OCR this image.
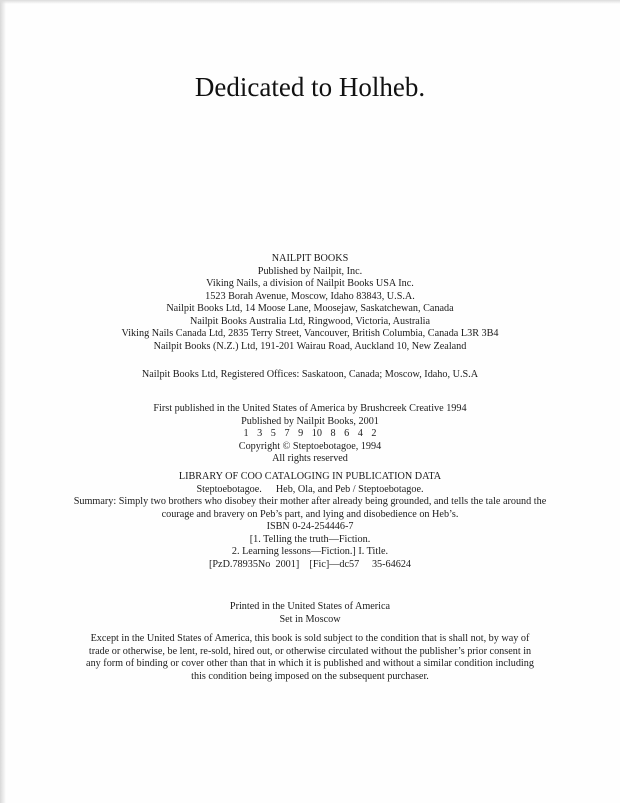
Dedicated to Holheb.
NAILPIT BOOKS
Published by Nailpit, Inc.
Viking Nails, a division of Nailpit Books USA Inc.
1523 Borah Avenue, Moscow, Idaho 83843, U.S.A.
Nailpit Books Ltd, 14 Moose Lane, Moosejaw, Saskatchewan, Canada
Nailpit Books Australia Ltd, Ringwood, Victoria, Australia
Viking Nails Canada Ltd, 2835 Terry Street, Vancouver, British Columbia, Canada L3R 3B4
Nailpit Books (N.Z.) Ltd, 191-201 Wairau Road, Auckland 10, New Zealand
Nailpit Books Ltd, Registered Offices: Saskatoon, Canada; Moscow, Idaho, U.S.A
First published in the United States of America by Brushcreek Creative 1994
Published by Nailpit Books, 2001
1 3 5 7 9 10 8 6 4 2
Copyright © Steptoebotagoe, 1994
All rights reserved
LIBRARY OF COO CATALOGING IN PUBLICATION DATA
Steptoebotagoe. Heb, Ola, and Peb / Steptoebotagoe.
Summary: Simply two brothers who disobey their mother after already being grounded, and tells the tale around the courage and bravery on Peb’s part, and lying and disobedience on Heb’s.
ISBN 0-24-254446-7
[1. Telling the truth—Fiction.
2. Learning lessons—Fiction.] I. Title.
[PzD.78935No  2001]    [Fic]—dc57     35-64624
Printed in the United States of America
Set in Moscow
Except in the United States of America, this book is sold subject to the condition that is shall not, by way of trade or otherwise, be lent, re-sold, hired out, or otherwise circulated without the publisher’s prior consent in any form of binding or cover other than that in which it is published and without a similar condition including this condition being imposed on the subsequent purchaser.
